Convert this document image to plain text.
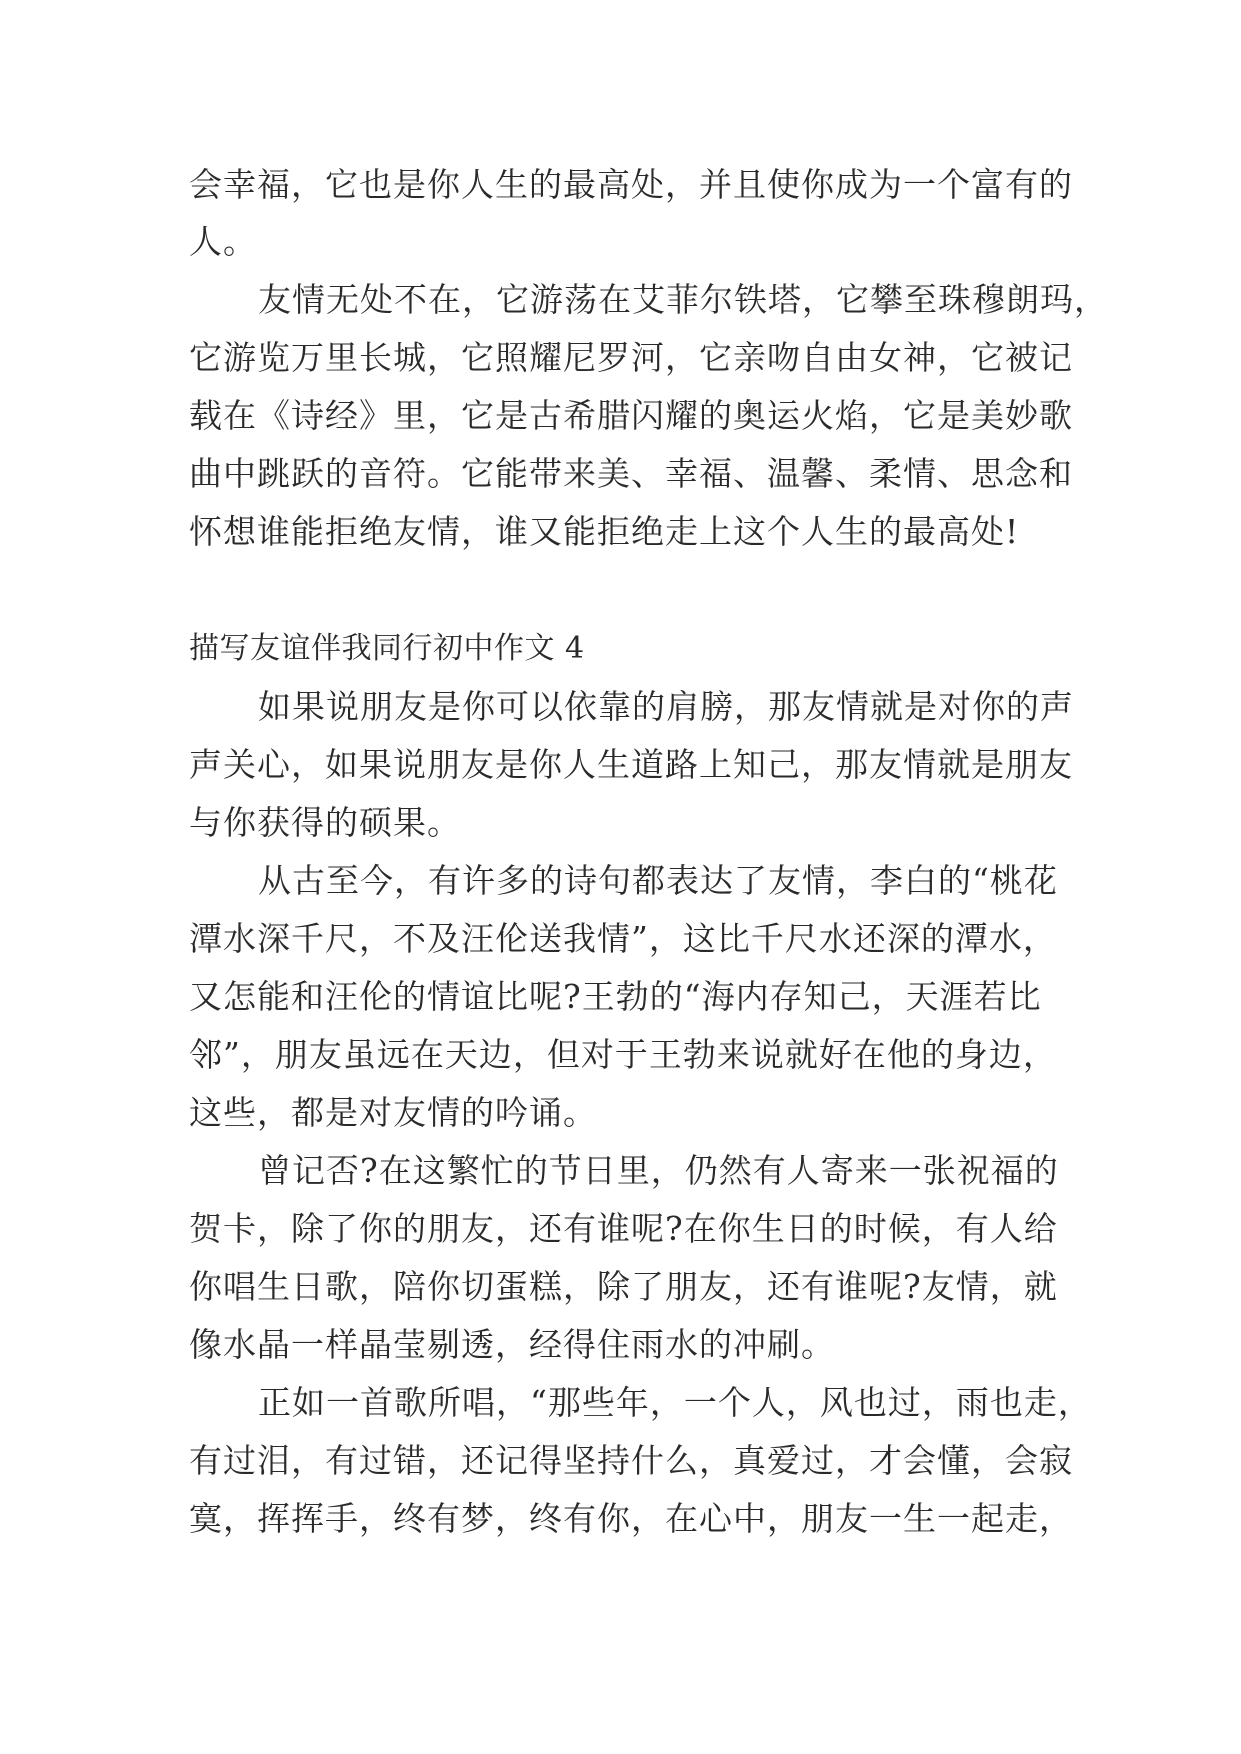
会幸福，它也是你人生的最高处，并且使你成为一个富有的
人。
友情无处不在，它游荡在艾菲尔铁塔，它攀至珠穆朗玛，
它游览万里长城，它照耀尼罗河，它亲吻自由女神，它被记
载在《诗经》里，它是古希腊闪耀的奥运火焰，它是美妙歌
曲中跳跃的音符。它能带来美、幸福、温馨、柔情、思念和
怀想谁能拒绝友情，谁又能拒绝走上这个人生的最高处!
描写友谊伴我同行初中作文 4
如果说朋友是你可以依靠的肩膀，那友情就是对你的声
声关心，如果说朋友是你人生道路上知己，那友情就是朋友
与你获得的硕果。
从古至今，有许多的诗句都表达了友情，李白的“桃花
潭水深千尺，不及汪伦送我情”，这比千尺水还深的潭水，
又怎能和汪伦的情谊比呢?王勃的“海内存知己，天涯若比
邻”，朋友虽远在天边，但对于王勃来说就好在他的身边，
这些，都是对友情的吟诵。
曾记否?在这繁忙的节日里，仍然有人寄来一张祝福的
贺卡，除了你的朋友，还有谁呢?在你生日的时候，有人给
你唱生日歌，陪你切蛋糕，除了朋友，还有谁呢?友情，就
像水晶一样晶莹剔透，经得住雨水的冲刷。
正如一首歌所唱，“那些年，一个人，风也过，雨也走，
有过泪，有过错，还记得坚持什么，真爱过，才会懂，会寂
寞，挥挥手，终有梦，终有你，在心中，朋友一生一起走，
